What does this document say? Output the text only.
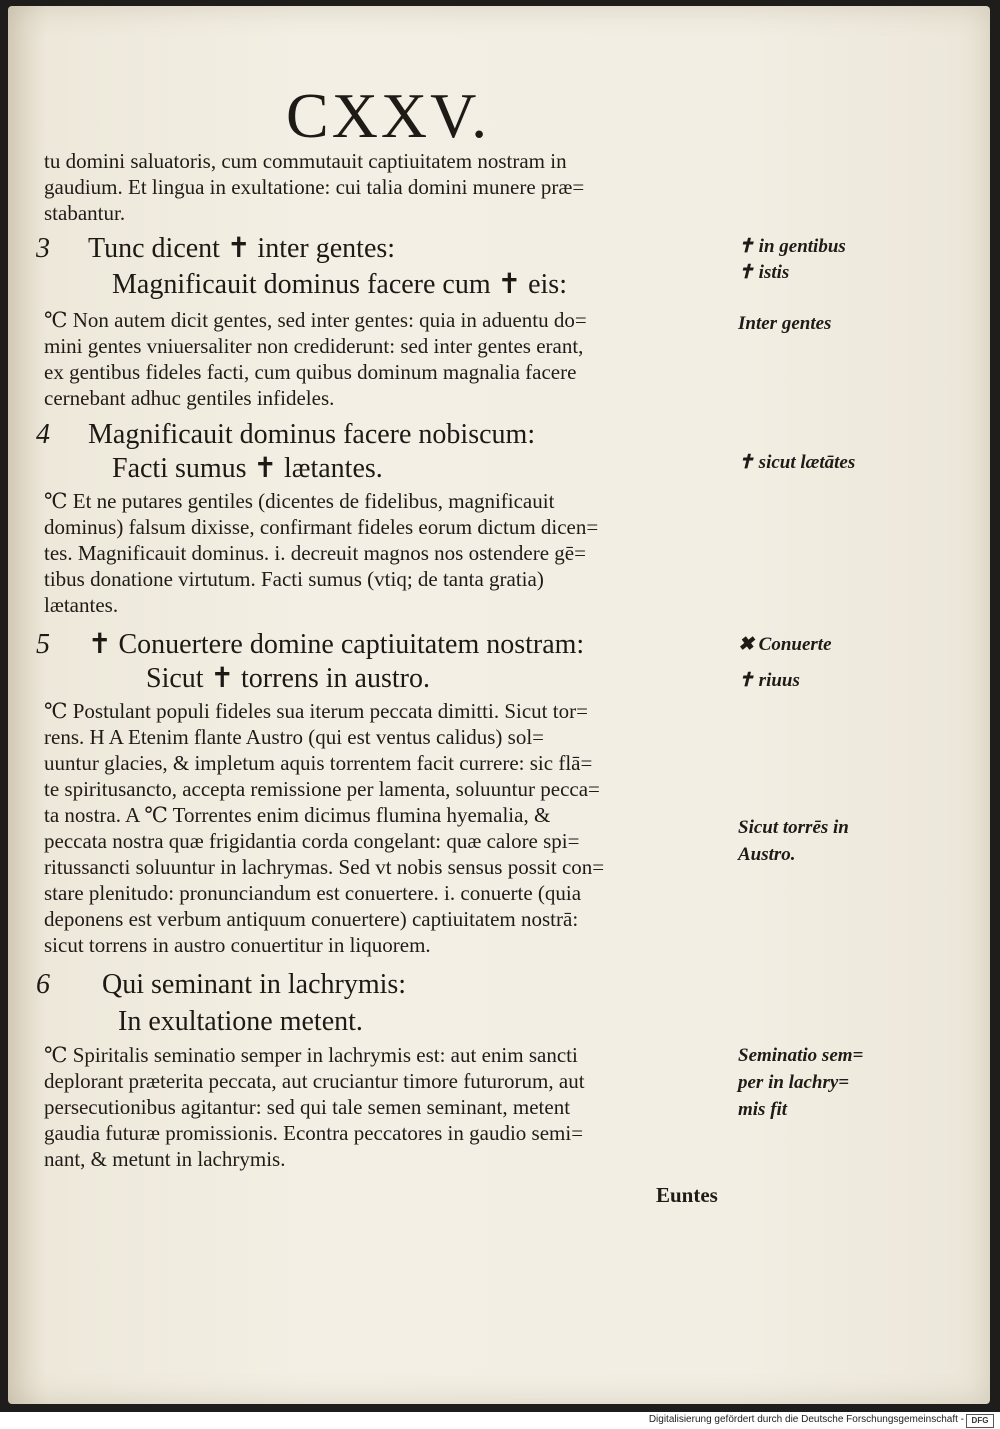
CXXV.

tu domini saluatoris, cum commutauit captiuitatem nostram in

gaudium. Et lingua in exultatione: cui talia domini munere præ=

stabantur.

3 Tunc dicent ✝ inter gentes:

Magnificauit dominus facere cum ✝ eis:

℃ Non autem dicit gentes, sed inter gentes: quia in aduentu do=

mini gentes vniuersaliter non crediderunt: sed inter gentes erant,

ex gentibus fideles facti, cum quibus dominum magnalia facere

cernebant adhuc gentiles infideles.

4 Magnificauit dominus facere nobiscum:

Facti sumus ✝ lætantes.

℃ Et ne putares gentiles (dicentes de fidelibus, magnificauit

dominus) falsum dixisse, confirmant fideles eorum dictum dicen=

tes. Magnificauit dominus. i. decreuit magnos nos ostendere gē=

tibus donatione virtutum. Facti sumus (vtiq; de tanta gratia)

lætantes.

5 ✝ Conuertere domine captiuitatem nostram:

Sicut ✝ torrens in austro.

℃ Postulant populi fideles sua iterum peccata dimitti. Sicut tor=

rens. H A Etenim flante Austro (qui est ventus calidus) sol=

uuntur glacies, & impletum aquis torrentem facit currere: sic flā=

te spiritusancto, accepta remissione per lamenta, soluuntur pecca=

ta nostra. A ℃ Torrentes enim dicimus flumina hyemalia, &

peccata nostra quæ frigidantia corda congelant: quæ calore spi=

ritussancti soluuntur in lachrymas. Sed vt nobis sensus possit con=

stare plenitudo: pronunciandum est conuertere. i. conuerte (quia

deponens est verbum antiquum conuertere) captiuitatem nostrā:

sicut torrens in austro conuertitur in liquorem.

6 Qui seminant in lachrymis:

In exultatione metent.

℃ Spiritalis seminatio semper in lachrymis est: aut enim sancti

deplorant præterita peccata, aut cruciantur timore futurorum, aut

persecutionibus agitantur: sed qui tale semen seminant, metent

gaudia futuræ promissionis. Econtra peccatores in gaudio semi=

nant, & metunt in lachrymis.

✝ in gentibus

✝ istis

Inter gentes

✝ sicut lætātes

✖ Conuerte

✝ riuus

Sicut torrēs in

Austro.

Seminatio sem=

per in lachry=

mis fit

Euntes

Digitalisierung gefördert durch die Deutsche Forschungsgemeinschaft - DFG
